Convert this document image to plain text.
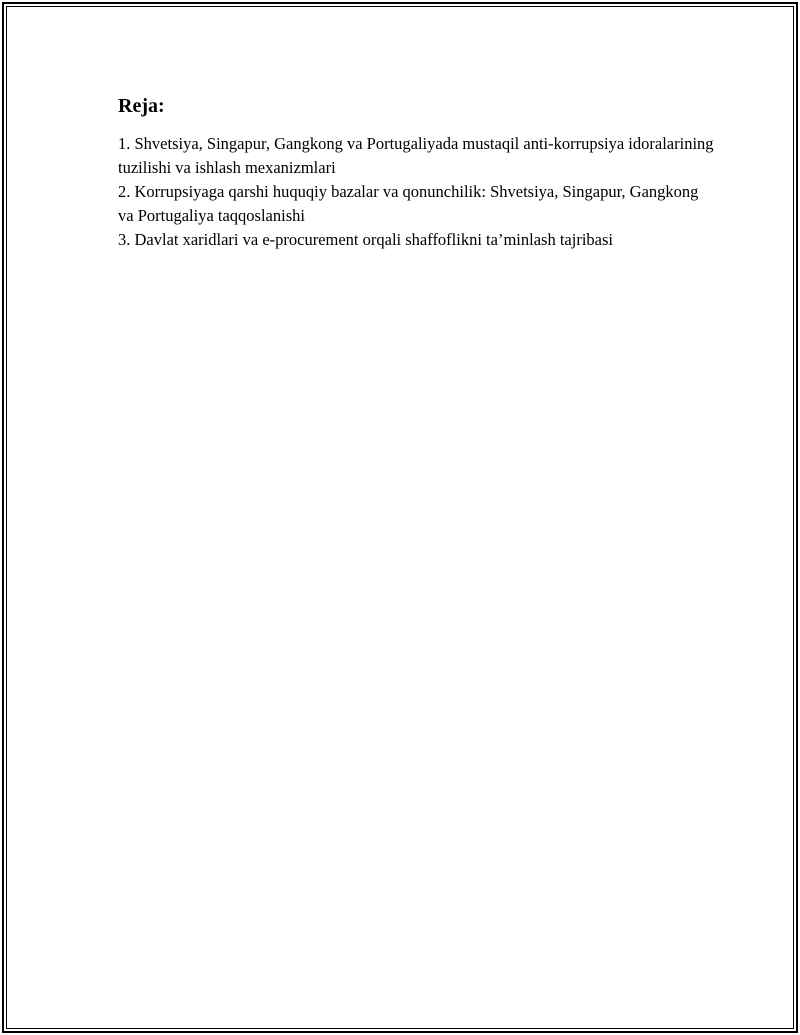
Reja:
1. Shvetsiya, Singapur, Gangkong va Portugaliyada mustaqil anti-korrupsiya idoralarining tuzilishi va ishlash mexanizmlari
2. Korrupsiyaga qarshi huquqiy bazalar va qonunchilik: Shvetsiya, Singapur, Gangkong va Portugaliya taqqoslanishi
3. Davlat xaridlari va e-procurement orqali shaffoflikni ta’minlash tajribasi
